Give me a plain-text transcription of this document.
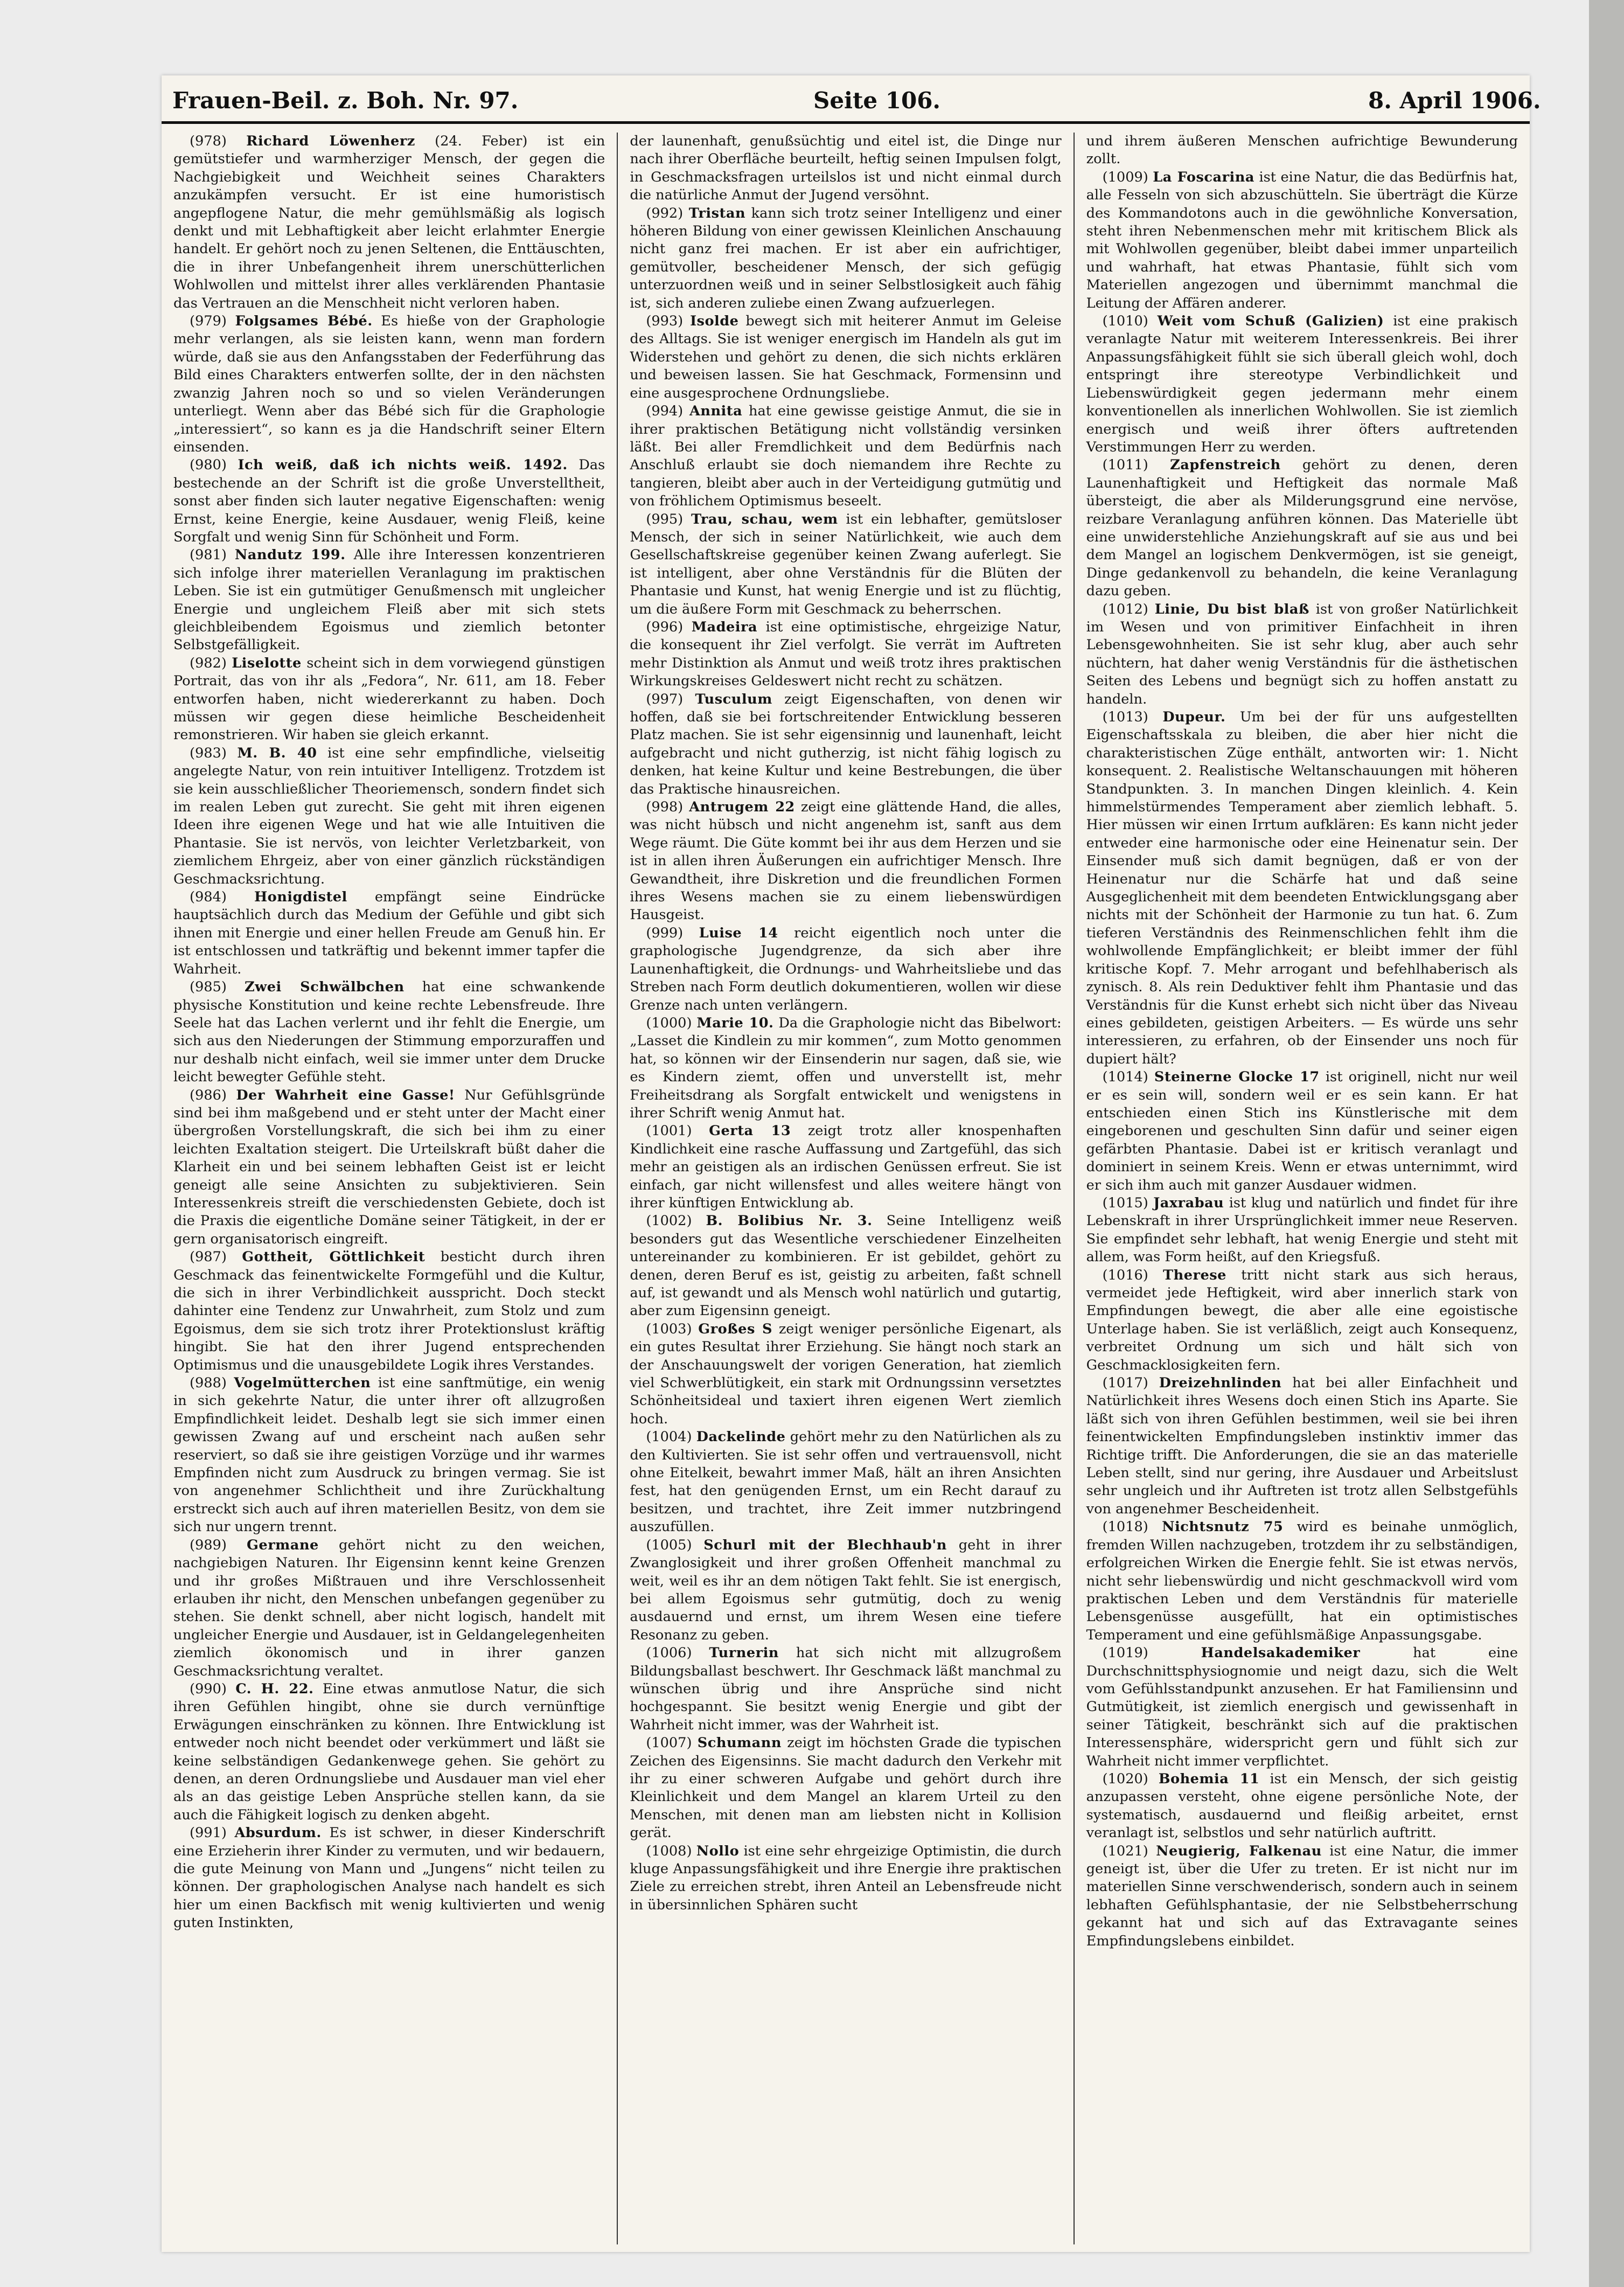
Frauen-Beil. z. Boh. Nr. 97.	Seite 106.	8. April 1906.

(978) Richard Löwenherz (24. Feber) ist ein gemütstiefer und warmherziger Mensch, der gegen die Nachgiebigkeit und Weichheit seines Charakters anzukämpfen versucht. Er ist eine humoristisch angepflogene Natur, die mehr gemühlsmäßig als logisch denkt und mit Lebhaftigkeit aber leicht erlahmter Energie handelt. Er gehört noch zu jenen Seltenen, die Enttäuschten, die in ihrer Unbefangenheit ihrem unerschütterlichen Wohlwollen und mittelst ihrer alles verklärenden Phantasie das Vertrauen an die Menschheit nicht verloren haben.

(979) Folgsames Bébé. Es hieße von der Graphologie mehr verlangen, als sie leisten kann, wenn man fordern würde, daß sie aus den Anfangsstaben der Federführung das Bild eines Charakters entwerfen sollte, der in den nächsten zwanzig Jahren noch so und so vielen Veränderungen unterliegt. Wenn aber das Bébé sich für die Graphologie „interessiert“, so kann es ja die Handschrift seiner Eltern einsenden.

(980) Ich weiß, daß ich nichts weiß. 1492. Das bestechende an der Schrift ist die große Unverstelltheit, sonst aber finden sich lauter negative Eigenschaften: wenig Ernst, keine Energie, keine Ausdauer, wenig Fleiß, keine Sorgfalt und wenig Sinn für Schönheit und Form.

(981) Nandutz 199. Alle ihre Interessen konzentrieren sich infolge ihrer materiellen Veranlagung im praktischen Leben. Sie ist ein gutmütiger Genußmensch mit ungleicher Energie und ungleichem Fleiß aber mit sich stets gleichbleibendem Egoismus und ziemlich betonter Selbstgefälligkeit.

(982) Liselotte scheint sich in dem vorwiegend günstigen Portrait, das von ihr als „Fedora“, Nr. 611, am 18. Feber entworfen haben, nicht wiedererkannt zu haben. Doch müssen wir gegen diese heimliche Bescheidenheit remonstrieren. Wir haben sie gleich erkannt.

(983) M. B. 40 ist eine sehr empfindliche, vielseitig angelegte Natur, von rein intuitiver Intelligenz. Trotzdem ist sie kein ausschließlicher Theoriemensch, sondern findet sich im realen Leben gut zurecht. Sie geht mit ihren eigenen Ideen ihre eigenen Wege und hat wie alle Intuitiven die Phantasie. Sie ist nervös, von leichter Verletzbarkeit, von ziemlichem Ehrgeiz, aber von einer gänzlich rückständigen Geschmacksrichtung.

(984) Honigdistel empfängt seine Eindrücke hauptsächlich durch das Medium der Gefühle und gibt sich ihnen mit Energie und einer hellen Freude am Genuß hin. Er ist entschlossen und tatkräftig und bekennt immer tapfer die Wahrheit.

(985) Zwei Schwälbchen hat eine schwankende physische Konstitution und keine rechte Lebensfreude. Ihre Seele hat das Lachen verlernt und ihr fehlt die Energie, um sich aus den Niederungen der Stimmung emporzuraffen und nur deshalb nicht einfach, weil sie immer unter dem Drucke leicht bewegter Gefühle steht.

(986) Der Wahrheit eine Gasse! Nur Gefühlsgründe sind bei ihm maßgebend und er steht unter der Macht einer übergroßen Vorstellungskraft, die sich bei ihm zu einer leichten Exaltation steigert. Die Urteilskraft büßt daher die Klarheit ein und bei seinem lebhaften Geist ist er leicht geneigt alle seine Ansichten zu subjektivieren. Sein Interessenkreis streift die verschiedensten Gebiete, doch ist die Praxis die eigentliche Domäne seiner Tätigkeit, in der er gern organisatorisch eingreift.

(987) Gottheit, Göttlichkeit besticht durch ihren Geschmack das feinentwickelte Formgefühl und die Kultur, die sich in ihrer Verbindlichkeit ausspricht. Doch steckt dahinter eine Tendenz zur Unwahrheit, zum Stolz und zum Egoismus, dem sie sich trotz ihrer Protektionslust kräftig hingibt. Sie hat den ihrer Jugend entsprechenden Optimismus und die unausgebildete Logik ihres Verstandes.

(988) Vogelmütterchen ist eine sanftmütige, ein wenig in sich gekehrte Natur, die unter ihrer oft allzugroßen Empfindlichkeit leidet. Deshalb legt sie sich immer einen gewissen Zwang auf und erscheint nach außen sehr reserviert, so daß sie ihre geistigen Vorzüge und ihr warmes Empfinden nicht zum Ausdruck zu bringen vermag. Sie ist von angenehmer Schlichtheit und ihre Zurückhaltung erstreckt sich auch auf ihren materiellen Besitz, von dem sie sich nur ungern trennt.

(989) Germane gehört nicht zu den weichen, nachgiebigen Naturen. Ihr Eigensinn kennt keine Grenzen und ihr großes Mißtrauen und ihre Verschlossenheit erlauben ihr nicht, den Menschen unbefangen gegenüber zu stehen. Sie denkt schnell, aber nicht logisch, handelt mit ungleicher Energie und Ausdauer, ist in Geldangelegenheiten ziemlich ökonomisch und in ihrer ganzen Geschmacksrichtung veraltet.

(990) C. H. 22. Eine etwas anmutlose Natur, die sich ihren Gefühlen hingibt, ohne sie durch vernünftige Erwägungen einschränken zu können. Ihre Entwicklung ist entweder noch nicht beendet oder verkümmert und läßt sie keine selbständigen Gedankenwege gehen. Sie gehört zu denen, an deren Ordnungsliebe und Ausdauer man viel eher als an das geistige Leben Ansprüche stellen kann, da sie auch die Fähigkeit logisch zu denken abgeht.

(991) Absurdum. Es ist schwer, in dieser Kinderschrift eine Erzieherin ihrer Kinder zu vermuten, und wir bedauern, die gute Meinung von Mann und „Jungens“ nicht teilen zu können. Der graphologischen Analyse nach handelt es sich hier um einen Backfisch mit wenig kultivierten und wenig guten Instinkten,

der launenhaft, genußsüchtig und eitel ist, die Dinge nur nach ihrer Oberfläche beurteilt, heftig seinen Impulsen folgt, in Geschmacksfragen urteilslos ist und nicht einmal durch die natürliche Anmut der Jugend versöhnt.

(992) Tristan kann sich trotz seiner Intelligenz und einer höheren Bildung von einer gewissen Kleinlichen Anschauung nicht ganz frei machen. Er ist aber ein aufrichtiger, gemütvoller, bescheidener Mensch, der sich gefügig unterzuordnen weiß und in seiner Selbstlosigkeit auch fähig ist, sich anderen zuliebe einen Zwang aufzuerlegen.

(993) Isolde bewegt sich mit heiterer Anmut im Geleise des Alltags. Sie ist weniger energisch im Handeln als gut im Widerstehen und gehört zu denen, die sich nichts erklären und beweisen lassen. Sie hat Geschmack, Formensinn und eine ausgesprochene Ordnungsliebe.

(994) Annita hat eine gewisse geistige Anmut, die sie in ihrer praktischen Betätigung nicht vollständig versinken läßt. Bei aller Fremdlichkeit und dem Bedürfnis nach Anschluß erlaubt sie doch niemandem ihre Rechte zu tangieren, bleibt aber auch in der Verteidigung gutmütig und von fröhlichem Optimismus beseelt.

(995) Trau, schau, wem ist ein lebhafter, gemütsloser Mensch, der sich in seiner Natürlichkeit, wie auch dem Gesellschaftskreise gegenüber keinen Zwang auferlegt. Sie ist intelligent, aber ohne Verständnis für die Blüten der Phantasie und Kunst, hat wenig Energie und ist zu flüchtig, um die äußere Form mit Geschmack zu beherrschen.

(996) Madeira ist eine optimistische, ehrgeizige Natur, die konsequent ihr Ziel verfolgt. Sie verrät im Auftreten mehr Distinktion als Anmut und weiß trotz ihres praktischen Wirkungskreises Geldeswert nicht recht zu schätzen.

(997) Tusculum zeigt Eigenschaften, von denen wir hoffen, daß sie bei fortschreitender Entwicklung besseren Platz machen. Sie ist sehr eigensinnig und launenhaft, leicht aufgebracht und nicht gutherzig, ist nicht fähig logisch zu denken, hat keine Kultur und keine Bestrebungen, die über das Praktische hinausreichen.

(998) Antrugem 22 zeigt eine glättende Hand, die alles, was nicht hübsch und nicht angenehm ist, sanft aus dem Wege räumt. Die Güte kommt bei ihr aus dem Herzen und sie ist in allen ihren Äußerungen ein aufrichtiger Mensch. Ihre Gewandtheit, ihre Diskretion und die freundlichen Formen ihres Wesens machen sie zu einem liebenswürdigen Hausgeist.

(999) Luise 14 reicht eigentlich noch unter die graphologische Jugendgrenze, da sich aber ihre Launenhaftigkeit, die Ordnungs- und Wahrheitsliebe und das Streben nach Form deutlich dokumentieren, wollen wir diese Grenze nach unten verlängern.

(1000) Marie 10. Da die Graphologie nicht das Bibelwort: „Lasset die Kindlein zu mir kommen“, zum Motto genommen hat, so können wir der Einsenderin nur sagen, daß sie, wie es Kindern ziemt, offen und unverstellt ist, mehr Freiheitsdrang als Sorgfalt entwickelt und wenigstens in ihrer Schrift wenig Anmut hat.

(1001) Gerta 13 zeigt trotz aller knospenhaften Kindlichkeit eine rasche Auffassung und Zartgefühl, das sich mehr an geistigen als an irdischen Genüssen erfreut. Sie ist einfach, gar nicht willensfest und alles weitere hängt von ihrer künftigen Entwicklung ab.

(1002) B. Bolibius Nr. 3. Seine Intelligenz weiß besonders gut das Wesentliche verschiedener Einzelheiten untereinander zu kombinieren. Er ist gebildet, gehört zu denen, deren Beruf es ist, geistig zu arbeiten, faßt schnell auf, ist gewandt und als Mensch wohl natürlich und gutartig, aber zum Eigensinn geneigt.

(1003) Großes S zeigt weniger persönliche Eigenart, als ein gutes Resultat ihrer Erziehung. Sie hängt noch stark an der Anschauungswelt der vorigen Generation, hat ziemlich viel Schwerblütigkeit, ein stark mit Ordnungssinn versetztes Schönheitsideal und taxiert ihren eigenen Wert ziemlich hoch.

(1004) Dackelinde gehört mehr zu den Natürlichen als zu den Kultivierten. Sie ist sehr offen und vertrauensvoll, nicht ohne Eitelkeit, bewahrt immer Maß, hält an ihren Ansichten fest, hat den genügenden Ernst, um ein Recht darauf zu besitzen, und trachtet, ihre Zeit immer nutzbringend auszufüllen.

(1005) Schurl mit der Blechhaub'n geht in ihrer Zwanglosigkeit und ihrer großen Offenheit manchmal zu weit, weil es ihr an dem nötigen Takt fehlt. Sie ist energisch, bei allem Egoismus sehr gutmütig, doch zu wenig ausdauernd und ernst, um ihrem Wesen eine tiefere Resonanz zu geben.

(1006) Turnerin hat sich nicht mit allzugroßem Bildungsballast beschwert. Ihr Geschmack läßt manchmal zu wünschen übrig und ihre Ansprüche sind nicht hochgespannt. Sie besitzt wenig Energie und gibt der Wahrheit nicht immer, was der Wahrheit ist.

(1007) Schumann zeigt im höchsten Grade die typischen Zeichen des Eigensinns. Sie macht dadurch den Verkehr mit ihr zu einer schweren Aufgabe und gehört durch ihre Kleinlichkeit und dem Mangel an klarem Urteil zu den Menschen, mit denen man am liebsten nicht in Kollision gerät.

(1008) Nollo ist eine sehr ehrgeizige Optimistin, die durch kluge Anpassungsfähigkeit und ihre Energie ihre praktischen Ziele zu erreichen strebt, ihren Anteil an Lebensfreude nicht in übersinnlichen Sphären sucht

und ihrem äußeren Menschen aufrichtige Bewunderung zollt.

(1009) La Foscarina ist eine Natur, die das Bedürfnis hat, alle Fesseln von sich abzuschütteln. Sie überträgt die Kürze des Kommandotons auch in die gewöhnliche Konversation, steht ihren Nebenmenschen mehr mit kritischem Blick als mit Wohlwollen gegenüber, bleibt dabei immer unparteilich und wahrhaft, hat etwas Phantasie, fühlt sich vom Materiellen angezogen und übernimmt manchmal die Leitung der Affären anderer.

(1010) Weit vom Schuß (Galizien) ist eine prakisch veranlagte Natur mit weiterem Interessenkreis. Bei ihrer Anpassungsfähigkeit fühlt sie sich überall gleich wohl, doch entspringt ihre stereotype Verbindlichkeit und Liebenswürdigkeit gegen jedermann mehr einem konventionellen als innerlichen Wohlwollen. Sie ist ziemlich energisch und weiß ihrer öfters auftretenden Verstimmungen Herr zu werden.

(1011) Zapfenstreich gehört zu denen, deren Launenhaftigkeit und Heftigkeit das normale Maß übersteigt, die aber als Milderungsgrund eine nervöse, reizbare Veranlagung anführen können. Das Materielle übt eine unwiderstehliche Anziehungskraft auf sie aus und bei dem Mangel an logischem Denkvermögen, ist sie geneigt, Dinge gedankenvoll zu behandeln, die keine Veranlagung dazu geben.

(1012) Linie, Du bist blaß ist von großer Natürlichkeit im Wesen und von primitiver Einfachheit in ihren Lebensgewohnheiten. Sie ist sehr klug, aber auch sehr nüchtern, hat daher wenig Verständnis für die ästhetischen Seiten des Lebens und begnügt sich zu hoffen anstatt zu handeln.

(1013) Dupeur. Um bei der für uns aufgestellten Eigenschaftsskala zu bleiben, die aber hier nicht die charakteristischen Züge enthält, antworten wir: 1. Nicht konsequent. 2. Realistische Weltanschauungen mit höheren Standpunkten. 3. In manchen Dingen kleinlich. 4. Kein himmelstürmendes Temperament aber ziemlich lebhaft. 5. Hier müssen wir einen Irrtum aufklären: Es kann nicht jeder entweder eine harmonische oder eine Heinenatur sein. Der Einsender muß sich damit begnügen, daß er von der Heinenatur nur die Schärfe hat und daß seine Ausgeglichenheit mit dem beendeten Entwicklungsgang aber nichts mit der Schönheit der Harmonie zu tun hat. 6. Zum tieferen Verständnis des Reinmenschlichen fehlt ihm die wohlwollende Empfänglichkeit; er bleibt immer der fühl kritische Kopf. 7. Mehr arrogant und befehlhaberisch als zynisch. 8. Als rein Deduktiver fehlt ihm Phantasie und das Verständnis für die Kunst erhebt sich nicht über das Niveau eines gebildeten, geistigen Arbeiters. — Es würde uns sehr interessieren, zu erfahren, ob der Einsender uns noch für dupiert hält?

(1014) Steinerne Glocke 17 ist originell, nicht nur weil er es sein will, sondern weil er es sein kann. Er hat entschieden einen Stich ins Künstlerische mit dem eingeborenen und geschulten Sinn dafür und seiner eigen gefärbten Phantasie. Dabei ist er kritisch veranlagt und dominiert in seinem Kreis. Wenn er etwas unternimmt, wird er sich ihm auch mit ganzer Ausdauer widmen.

(1015) Jaxrabau ist klug und natürlich und findet für ihre Lebenskraft in ihrer Ursprünglichkeit immer neue Reserven. Sie empfindet sehr lebhaft, hat wenig Energie und steht mit allem, was Form heißt, auf den Kriegsfuß.

(1016) Therese tritt nicht stark aus sich heraus, vermeidet jede Heftigkeit, wird aber innerlich stark von Empfindungen bewegt, die aber alle eine egoistische Unterlage haben. Sie ist verläßlich, zeigt auch Konsequenz, verbreitet Ordnung um sich und hält sich von Geschmacklosigkeiten fern.

(1017) Dreizehnlinden hat bei aller Einfachheit und Natürlichkeit ihres Wesens doch einen Stich ins Aparte. Sie läßt sich von ihren Gefühlen bestimmen, weil sie bei ihren feinentwickelten Empfindungsleben instinktiv immer das Richtige trifft. Die Anforderungen, die sie an das materielle Leben stellt, sind nur gering, ihre Ausdauer und Arbeitslust sehr ungleich und ihr Auftreten ist trotz allen Selbstgefühls von angenehmer Bescheidenheit.

(1018) Nichtsnutz 75 wird es beinahe unmöglich, fremden Willen nachzugeben, trotzdem ihr zu selbständigen, erfolgreichen Wirken die Energie fehlt. Sie ist etwas nervös, nicht sehr liebenswürdig und nicht geschmackvoll wird vom praktischen Leben und dem Verständnis für materielle Lebensgenüsse ausgefüllt, hat ein optimistisches Temperament und eine gefühlsmäßige Anpassungsgabe.

(1019)	Handelsakademiker	hat eine Durchschnittsphysiognomie und neigt dazu, sich die Welt vom Gefühlsstandpunkt anzusehen. Er hat Familiensinn und Gutmütigkeit, ist ziemlich energisch und gewissenhaft in seiner Tätigkeit, beschränkt sich auf die praktischen Interessensphäre, widerspricht gern und fühlt sich zur Wahrheit nicht immer verpflichtet.

(1020) Bohemia 11 ist ein Mensch, der sich geistig anzupassen versteht, ohne eigene persönliche Note, der systematisch, ausdauernd und fleißig arbeitet, ernst veranlagt ist, selbstlos und sehr natürlich auftritt.

(1021) Neugierig, Falkenau ist eine Natur, die immer geneigt ist, über die Ufer zu treten. Er ist nicht nur im materiellen Sinne verschwenderisch, sondern auch in seinem lebhaften Gefühlsphantasie, der nie Selbstbeherrschung gekannt hat und sich auf das Extravagante seines Empfindungslebens einbildet.
